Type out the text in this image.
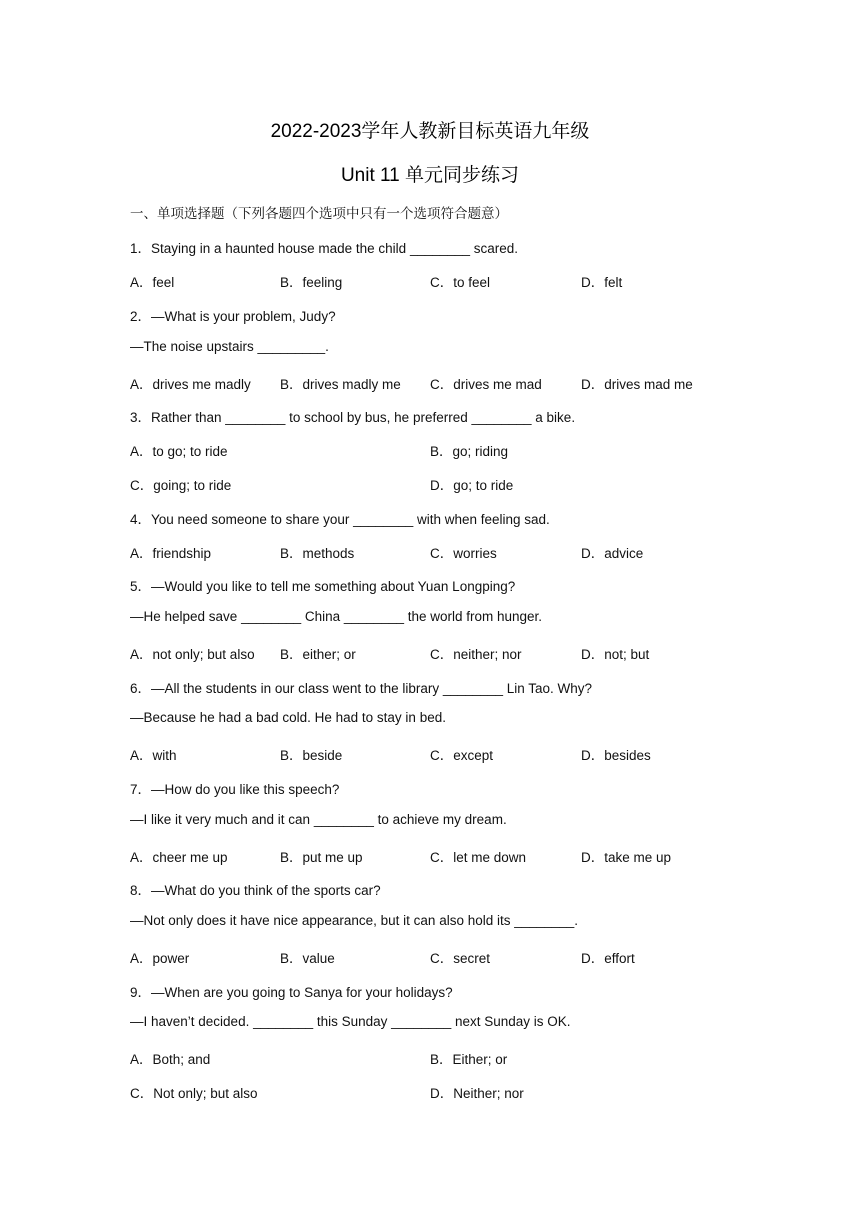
2022-2023学年人教新目标英语九年级
Unit 11 单元同步练习
一、单项选择题（下列各题四个选项中只有一个选项符合题意）
1．Staying in a haunted house made the child ________ scared.
A．feel	B．feeling	C．to feel	D．felt
2．—What is your problem, Judy?
—The noise upstairs _________.
A．drives me madly B．drives madly me C．drives me mad	D．drives mad me
3．Rather than ________ to school by bus, he preferred ________ a bike.
A．to go; to ride	B．go; riding
C．going; to ride	D．go; to ride
4．You need someone to share your ________ with when feeling sad.
A．friendship	B．methods	C．worries	D．advice
5．—Would you like to tell me something about Yuan Longping?
—He helped save ________ China ________ the world from hunger.
A．not only; but also B．either; or	C．neither; nor	D．not; but
6．—All the students in our class went to the library ________ Lin Tao. Why?
—Because he had a bad cold. He had to stay in bed.
A．with	B．beside	C．except	D．besides
7．—How do you like this speech?
—I like it very much and it can ________ to achieve my dream.
A．cheer me up	B．put me up	C．let me down	D．take me up
8．—What do you think of the sports car?
—Not only does it have nice appearance, but it can also hold its ________.
A．power	B．value	C．secret	D．effort
9．—When are you going to Sanya for your holidays?
—I haven’t decided. ________ this Sunday ________ next Sunday is OK.
A．Both; and	B．Either; or
C．Not only; but also	D．Neither; nor
